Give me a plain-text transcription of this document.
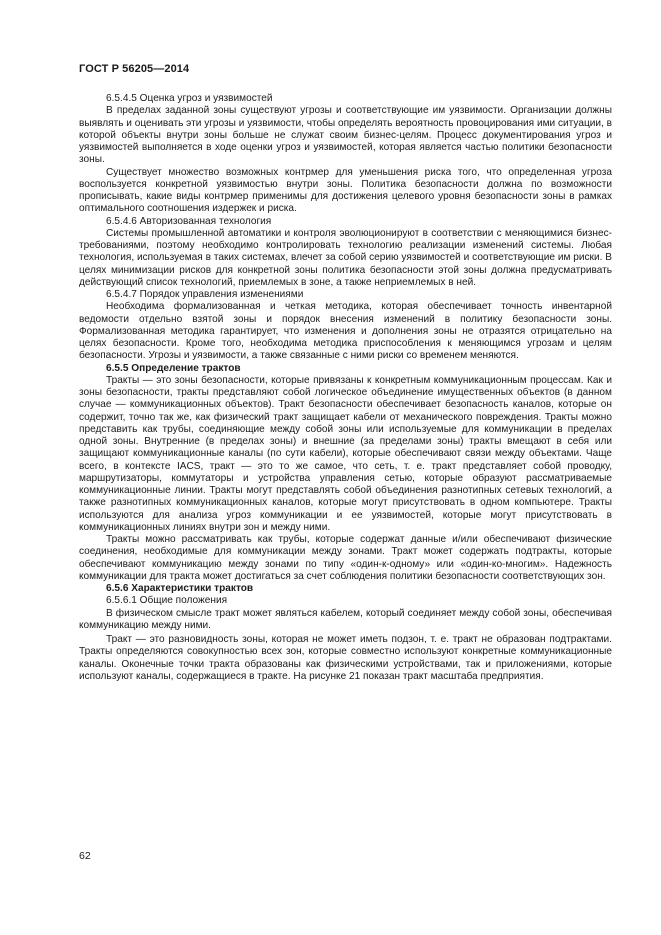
ГОСТ Р 56205—2014

6.5.4.5 Оценка угроз и уязвимостей

В пределах заданной зоны существуют угрозы и соответствующие им уязвимости. Организации должны выявлять и оценивать эти угрозы и уязвимости, чтобы определять вероятность провоцирования ими ситуации, в которой объекты внутри зоны больше не служат своим бизнес-целям. Процесс документирования угроз и уязвимостей выполняется в ходе оценки угроз и уязвимостей, которая является частью политики безопасности зоны.

Существует множество возможных контрмер для уменьшения риска того, что определенная угроза воспользуется конкретной уязвимостью внутри зоны. Политика безопасности должна по возможности прописывать, какие виды контрмер применимы для достижения целевого уровня безопасности зоны в рамках оптимального соотношения издержек и риска.

6.5.4.6 Авторизованная технология

Системы промышленной автоматики и контроля эволюционируют в соответствии с меняющимися бизнес-требованиями, поэтому необходимо контролировать технологию реализации изменений системы. Любая технология, используемая в таких системах, влечет за собой серию уязвимостей и соответствующие им риски. В целях минимизации рисков для конкретной зоны политика безопасности этой зоны должна предусматривать действующий список технологий, приемлемых в зоне, а также неприемлемых в ней.

6.5.4.7 Порядок управления изменениями

Необходима формализованная и четкая методика, которая обеспечивает точность инвентарной ведомости отдельно взятой зоны и порядок внесения изменений в политику безопасности зоны. Формализованная методика гарантирует, что изменения и дополнения зоны не отразятся отрицательно на целях безопасности. Кроме того, необходима методика приспособления к меняющимся угрозам и целям безопасности. Угрозы и уязвимости, а также связанные с ними риски со временем меняются.

6.5.5 Определение трактов

Тракты — это зоны безопасности, которые привязаны к конкретным коммуникационным процессам. Как и зоны безопасности, тракты представляют собой логическое объединение имущественных объектов (в данном случае — коммуникационных объектов). Тракт безопасности обеспечивает безопасность каналов, которые он содержит, точно так же, как физический тракт защищает кабели от механического повреждения. Тракты можно представить как трубы, соединяющие между собой зоны или используемые для коммуникации в пределах одной зоны. Внутренние (в пределах зоны) и внешние (за пределами зоны) тракты вмещают в себя или защищают коммуникационные каналы (по сути кабели), которые обеспечивают связи между объектами. Чаще всего, в контексте IACS, тракт — это то же самое, что сеть, т. е. тракт представляет собой проводку, маршрутизаторы, коммутаторы и устройства управления сетью, которые образуют рассматриваемые коммуникационные линии. Тракты могут представлять собой объединения разнотипных сетевых технологий, а также разнотипных коммуникационных каналов, которые могут присутствовать в одном компьютере. Тракты используются для анализа угроз коммуникации и ее уязвимостей, которые могут присутствовать в коммуникационных линиях внутри зон и между ними.

Тракты можно рассматривать как трубы, которые содержат данные и/или обеспечивают физические соединения, необходимые для коммуникации между зонами. Тракт может содержать подтракты, которые обеспечивают коммуникацию между зонами по типу «один-к-одному» или «один-ко-многим». Надежность коммуникации для тракта может достигаться за счет соблюдения политики безопасности соответствующих зон.

6.5.6 Характеристики трактов

6.5.6.1 Общие положения

В физическом смысле тракт может являться кабелем, который соединяет между собой зоны, обеспечивая коммуникацию между ними.

Тракт — это разновидность зоны, которая не может иметь подзон, т. е. тракт не образован подтрактами. Тракты определяются совокупностью всех зон, которые совместно используют конкретные коммуникационные каналы. Оконечные точки тракта образованы как физическими устройствами, так и приложениями, которые используют каналы, содержащиеся в тракте. На рисунке 21 показан тракт масштаба предприятия.

62
